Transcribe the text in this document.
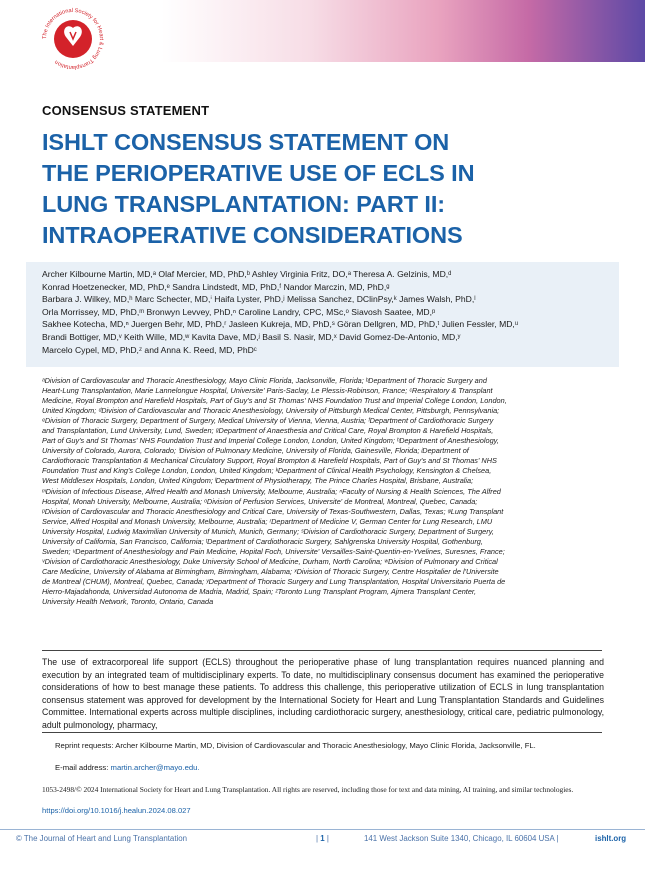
The International Society for Heart & Lung Transplantation
CONSENSUS STATEMENT
ISHLT CONSENSUS STATEMENT ON
THE PERIOPERATIVE USE OF ECLS IN
LUNG TRANSPLANTATION: PART II:
INTRAOPERATIVE CONSIDERATIONS
Archer Kilbourne Martin, MD,ᵃ Olaf Mercier, MD, PhD,ᵇ Ashley Virginia Fritz, DO,ᵃ Theresa A. Gelzinis, MD,ᵈ
Konrad Hoetzenecker, MD, PhD,ᵉ Sandra Lindstedt, MD, PhD,ᶠ Nandor Marczin, MD, PhD,ᵍ
Barbara J. Wilkey, MD,ʰ Marc Schecter, MD,ⁱ Haifa Lyster, PhD,ʲ Melissa Sanchez, DClinPsy,ᵏ James Walsh, PhD,ˡ
Orla Morrissey, MD, PhD,ᵐ Bronwyn Levvey, PhD,ⁿ Caroline Landry, CPC, MSc,ᵒ Siavosh Saatee, MD,ᵖ
Sakhee Kotecha, MD,ⁿ Juergen Behr, MD, PhD,ʳ Jasleen Kukreja, MD, PhD,ˢ Göran Dellgren, MD, PhD,ᵗ Julien Fessler, MD,ᵘ
Brandi Bottiger, MD,ᵛ Keith Wille, MD,ʷ Kavita Dave, MD,ʲ Basil S. Nasir, MD,ˣ David Gomez-De-Antonio, MD,ʸ
Marcelo Cypel, MD, PhD,ᶻ and Anna K. Reed, MD, PhDᶜ
ᵃDivision of Cardiovascular and Thoracic Anesthesiology, Mayo Clinic Florida, Jacksonville, Florida; ᵇDepartment of Thoracic Surgery and
Heart-Lung Transplantation, Marie Lannelongue Hospital, Universite' Paris-Saclay, Le Plessis-Robinson, France; ᶜRespiratory & Transplant
Medicine, Royal Brompton and Harefield Hospitals, Part of Guy's and St Thomas' NHS Foundation Trust and Imperial College London, London,
United Kingdom; ᵈDivision of Cardiovascular and Thoracic Anesthesiology, University of Pittsburgh Medical Center, Pittsburgh, Pennsylvania;
ᵉDivision of Thoracic Surgery, Department of Surgery, Medical University of Vienna, Vienna, Austria; ᶠDepartment of Cardiothoracic Surgery
and Transplantation, Lund University, Lund, Sweden; ᵍDepartment of Anaesthesia and Critical Care, Royal Brompton & Harefield Hospitals,
Part of Guy's and St Thomas' NHS Foundation Trust and Imperial College London, London, United Kingdom; ʰDepartment of Anesthesiology,
University of Colorado, Aurora, Colorado; ⁱDivision of Pulmonary Medicine, University of Florida, Gainesville, Florida; ʲDepartment of
Cardiothoracic Transplantation & Mechanical Circulatory Support, Royal Brompton & Harefield Hospitals, Part of Guy's and St Thomas' NHS
Foundation Trust and King's College London, London, United Kingdom; ᵏDepartment of Clinical Health Psychology, Kensington & Chelsea,
West Middlesex Hospitals, London, United Kingdom; ˡDepartment of Physiotherapy, The Prince Charles Hospital, Brisbane, Australia;
ᵐDivision of Infectious Disease, Alfred Health and Monash University, Melbourne, Australia; ⁿFaculty of Nursing & Health Sciences, The Alfred
Hospital, Monah University, Melbourne, Australia; ᵒDivision of Perfusion Services, Universite' de Montreal, Montreal, Quebec, Canada;
ᵖDivision of Cardiovascular and Thoracic Anesthesiology and Critical Care, University of Texas-Southwestern, Dallas, Texas; ᵠLung Transplant
Service, Alfred Hospital and Monash University, Melbourne, Australia; ʳDepartment of Medicine V, German Center for Lung Research, LMU
University Hospital, Ludwig Maximilian University of Munich, Munich, Germany; ˢDivision of Cardiothoracic Surgery, Department of Surgery,
University of California, San Francisco, California; ᵗDepartment of Cardiothoracic Surgery, Sahlgrenska University Hospital, Gothenburg,
Sweden; ᵘDepartment of Anesthesiology and Pain Medicine, Hopital Foch, Universite' Versailles-Saint-Quentin-en-Yvelines, Suresnes, France;
ᵛDivision of Cardiothoracic Anesthesiology, Duke University School of Medicine, Durham, North Carolina; ʷDivision of Pulmonary and Critical
Care Medicine, University of Alabama at Birmingham, Birmingham, Alabama; ˣDivision of Thoracic Surgery, Centre Hospitalier de l'Universite
de Montreal (CHUM), Montreal, Quebec, Canada; ʸDepartment of Thoracic Surgery and Lung Transplantation, Hospital Universitario Puerta de
Hierro-Majadahonda, Universidad Autonoma de Madria, Madrid, Spain; ᶻToronto Lung Transplant Program, Ajmera Transplant Center,
University Health Network, Toronto, Ontario, Canada

The use of extracorporeal life support (ECLS) throughout the perioperative phase of lung transplantation requires nuanced planning and execution by an integrated team of multidisciplinary experts. To date, no multidisciplinary consensus document has examined the perioperative considerations of how to best manage these patients. To address this challenge, this perioperative utilization of ECLS in lung transplantation consensus statement was approved for development by the International Society for Heart and Lung Transplantation Standards and Guidelines Committee. International experts across multiple disciplines, including cardiothoracic surgery, anesthesiology, critical care, pediatric pulmonology, adult pulmonology, pharmacy,

Reprint requests: Archer Kilbourne Martin, MD, Division of Cardiovascular and Thoracic Anesthesiology, Mayo Clinic Florida, Jacksonville, FL.
E-mail address: martin.archer@mayo.edu.
1053-2498/© 2024 International Society for Heart and Lung Transplantation. All rights are reserved, including those for text and data mining, AI training, and similar technologies.
https://doi.org/10.1016/j.healun.2024.08.027
© The Journal of Heart and Lung Transplantation	| 1 |	141 West Jackson Suite 1340, Chicago, IL 60604 USA |	ishlt.org
